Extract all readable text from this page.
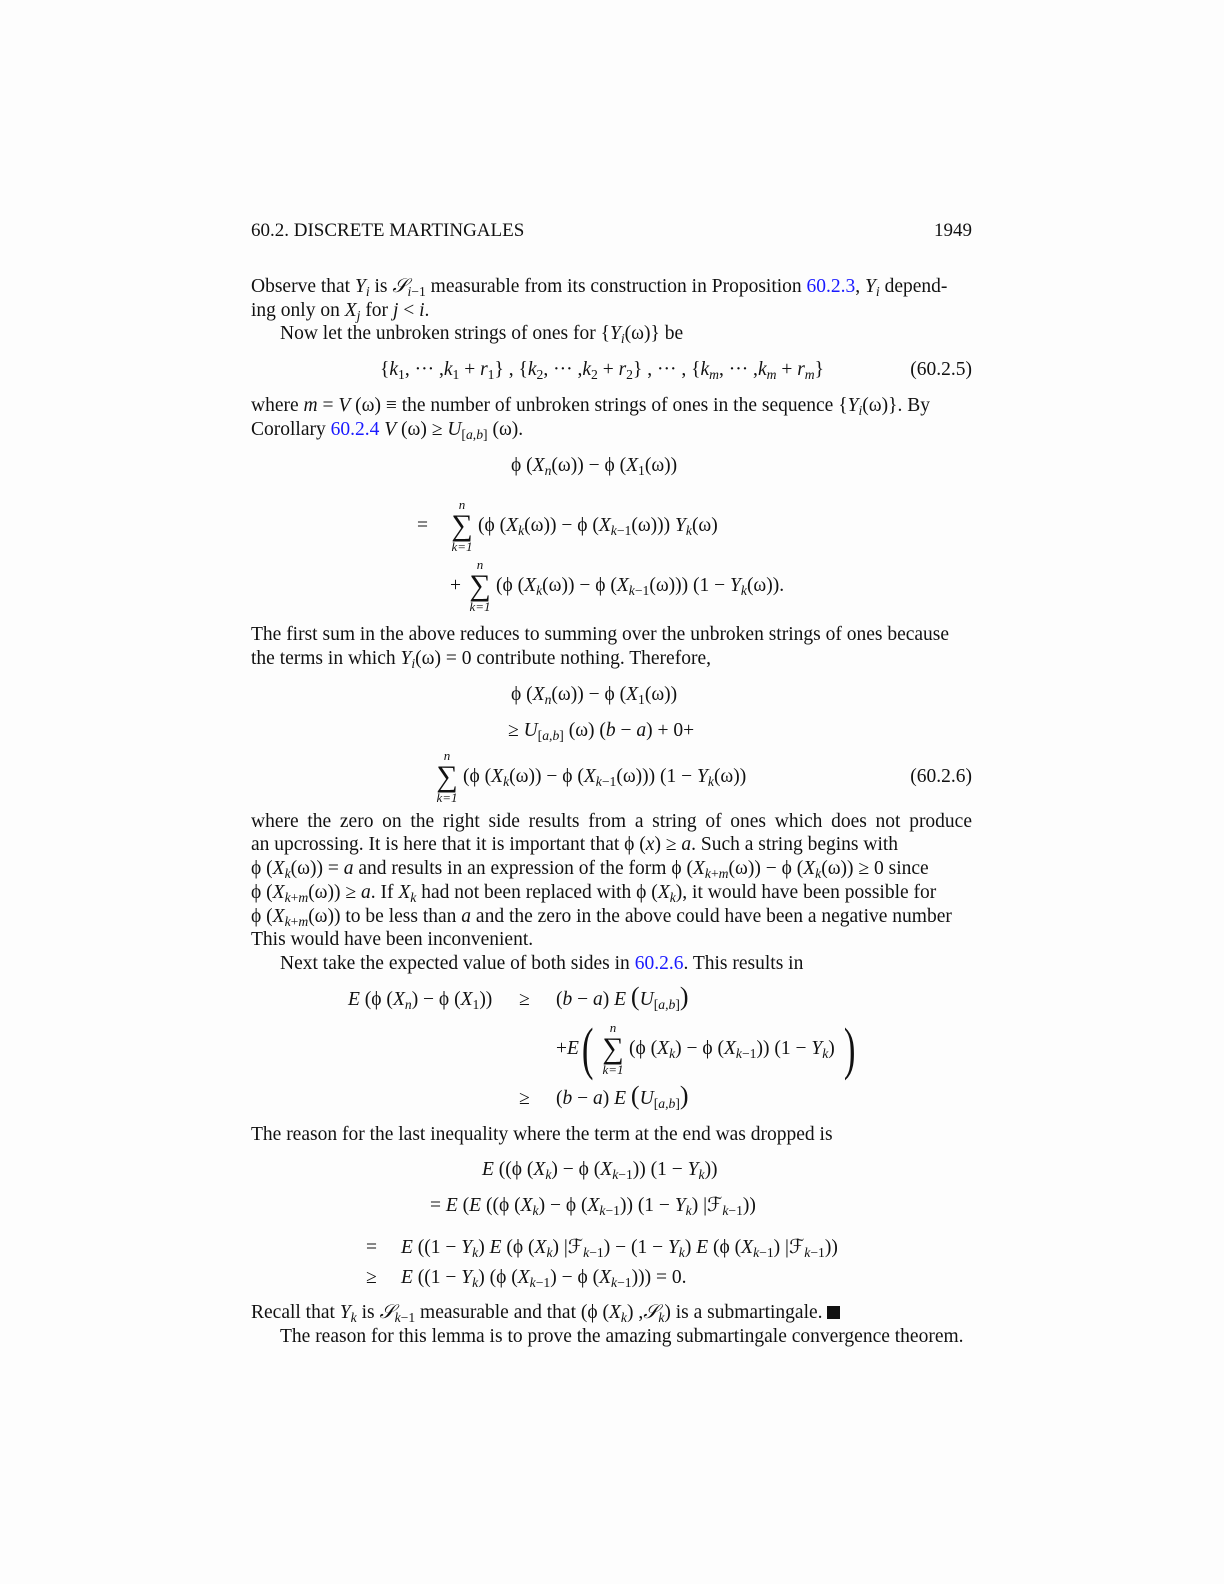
60.2. DISCRETE MARTINGALES	1949
Observe that $Y_i$ is 𝒮$_{i-1}$ measurable from its construction in Proposition 60.2.3, $Y_i$ depend-
ing only on $X_j$ for j < i.
Now let the unbroken strings of ones for $\{Y_i(\omega)\}$ be
{$k_1$, ··· $,k_1 + r_1$} , {$k_2$, ··· $,k_2 + r_2$} , ··· , {$k_m$, ··· $,k_m + r_m$}	(60.2.5)
where m = V (ω) ≡ the number of unbroken strings of ones in the sequence $\{Y_i(\omega)\}$. By
Corollary 60.2.4 V $(\omega) \ge U_{[a,b]}$ (ω).
ϕ $(X_n(\omega)) - \phi$ $(X_1(\omega))$
=
n
∑
k=1
(ϕ $(X_k(\omega)) - \phi$ $(X_{k-1}(\omega))$) $Y_k(\omega)$
+
n
∑
k=1
(ϕ $(X_k(\omega)) - \phi$ $(X_{k-1}(\omega))$) $(1 - Y_k(\omega))$.
The first sum in the above reduces to summing over the unbroken strings of ones because
the terms in which $Y_i(\omega) = 0$ contribute nothing. Therefore,
ϕ $(X_n(\omega)) - \phi$ $(X_1(\omega))$
≥ $U_{[a,b]}$ (ω) (b − a) + 0+
n
∑
k=1
(ϕ $(X_k(\omega)) - \phi$ $(X_{k-1}(\omega))$) $(1 - Y_k(\omega))$	(60.2.6)
where the zero on the right side results from a string of ones which does not produce
an upcrossing. It is here that it is important that ϕ (x) ≥ a. Such a string begins with
ϕ $(X_k(\omega)) = a$ and results in an expression of the form ϕ $(X_{k+m}(\omega)) - \phi$ $(X_k(\omega)) \ge 0$ since
ϕ $(X_{k+m}(\omega)) \ge a$. If $X_k$ had not been replaced with ϕ $(X_k)$, it would have been possible for
ϕ $(X_{k+m}(\omega))$ to be less than a and the zero in the above could have been a negative number
This would have been inconvenient.
Next take the expected value of both sides in 60.2.6. This results in
E (ϕ $(X_n) - \phi$ $(X_1)) \ge (b - a)$ E $(U_{[a,b]})$
+E (	n
∑
k=1
(ϕ $(X_k) - \phi$ $(X_{k-1})$) $(1 - Y_k)$ )
≥ (b − a) E $(U_{[a,b]})$
The reason for the last inequality where the term at the end was dropped is
E ((ϕ $(X_k) - \phi$ $(X_{k-1})$) $(1 - Y_k)$)
= E (E ((ϕ $(X_k) - \phi$ $(X_{k-1})$) $(1 - Y_k)$ |ℱ$_{k-1}$))
= E ($(1 - Y_k)$ E (ϕ $(X_k)$ |ℱ$_{k-1}$) − $(1 - Y_k)$ E (ϕ $(X_{k-1})$ |ℱ$_{k-1}$))
≥ E ($(1 - Y_k)$ (ϕ $(X_{k-1}) - \phi$ $(X_{k-1}))) = 0$.
Recall that $Y_k$ is 𝒮$_{k-1}$ measurable and that (ϕ $(X_k)$ ,𝒮$_k$) is a submartingale.
The reason for this lemma is to prove the amazing submartingale convergence theorem.
